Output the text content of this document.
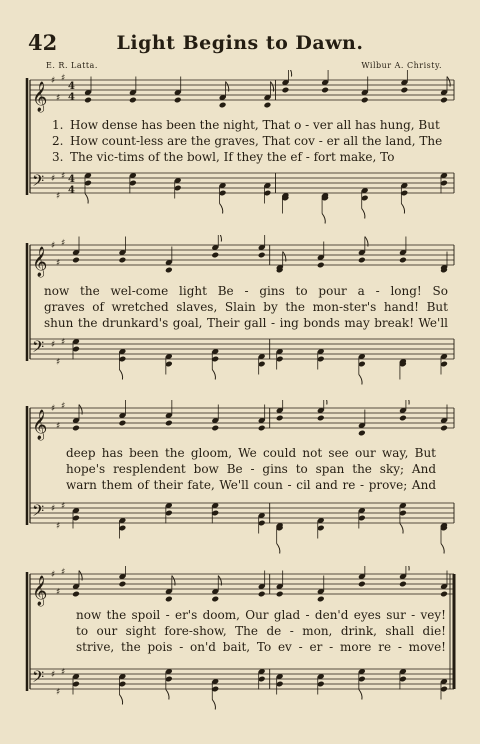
42	Light Begins to Dawn.
E. R. Latta.	Wilbur A. Christy.
𝄞
𝄢
♯
♯
♯
♯
♯
♯
4
4
4
4
1. How dense has been the night, That o - ver all has hung, But
2. How count-less are the graves, That cov - er all the land, The
3. The vic-tims of the bowl, If they the ef - fort make, To
𝄞
𝄢
♯
♯
♯
♯
♯
♯
now the wel-come light Be - gins to pour a - long! So
graves of wretched slaves, Slain by the mon-ster's hand! But
shun the drunkard's goal, Their gall - ing bonds may break! We'll
𝄞
𝄢
♯
♯
♯
♯
♯
♯
deep has been the gloom, We could not see our way, But
hope's resplendent bow Be - gins to span the sky; And
warn them of their fate, We'll coun - cil and re - prove; And
𝄞
𝄢
♯
♯
♯
♯
♯
♯
now the spoil - er's doom, Our glad - den'd eyes sur - vey!
to our sight fore-show, The de - mon, drink, shall die!
strive, the pois - on'd bait, To ev - er - more re - move!
